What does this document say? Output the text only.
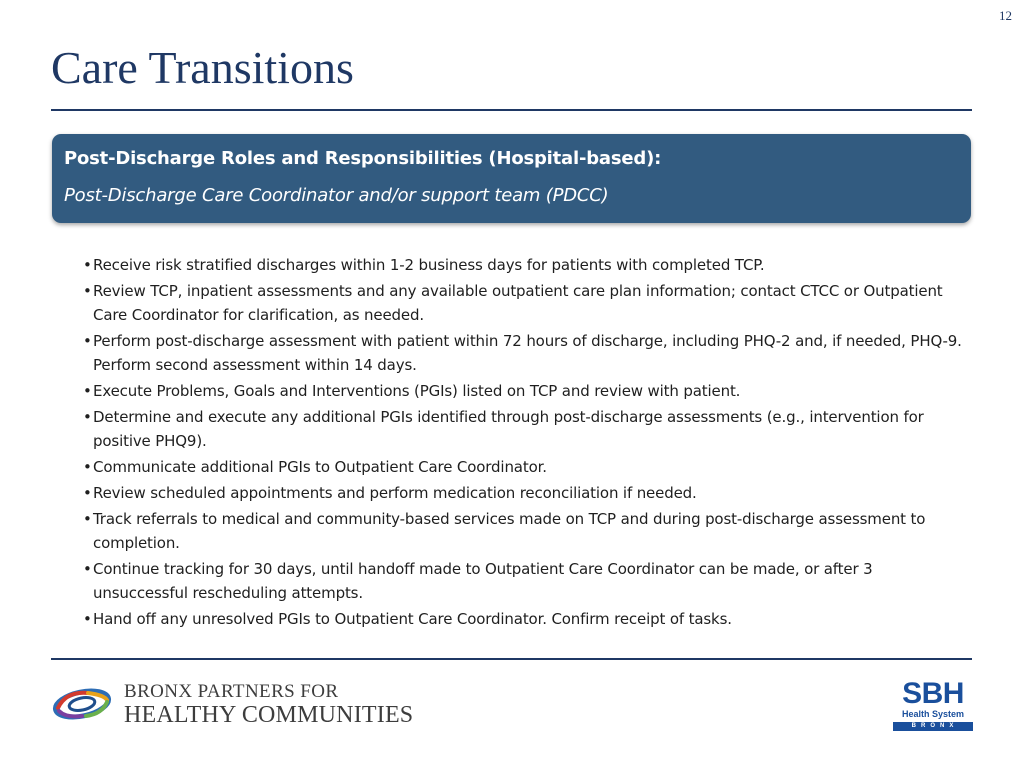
12
Care Transitions
Post-Discharge Roles and Responsibilities (Hospital-based):
Post-Discharge Care Coordinator and/or support team (PDCC)
• Receive risk stratified discharges within 1-2 business days for patients with completed TCP.
• Review TCP, inpatient assessments and any available outpatient care plan information; contact CTCC or Outpatient Care Coordinator for clarification, as needed.
• Perform post-discharge assessment with patient within 72 hours of discharge, including PHQ-2 and, if needed, PHQ-9. Perform second assessment within 14 days.
• Execute Problems, Goals and Interventions (PGIs) listed on TCP and review with patient.
• Determine and execute any additional PGIs identified through post-discharge assessments (e.g., intervention for positive PHQ9).
• Communicate additional PGIs to Outpatient Care Coordinator.
• Review scheduled appointments and perform medication reconciliation if needed.
• Track referrals to medical and community-based services made on TCP and during post-discharge assessment to completion.
• Continue tracking for 30 days, until handoff made to Outpatient Care Coordinator can be made, or after 3 unsuccessful rescheduling attempts.
• Hand off any unresolved PGIs to Outpatient Care Coordinator. Confirm receipt of tasks.
BRONX PARTNERS FOR
HEALTHY COMMUNITIES
SBH
Health System
BRONX
